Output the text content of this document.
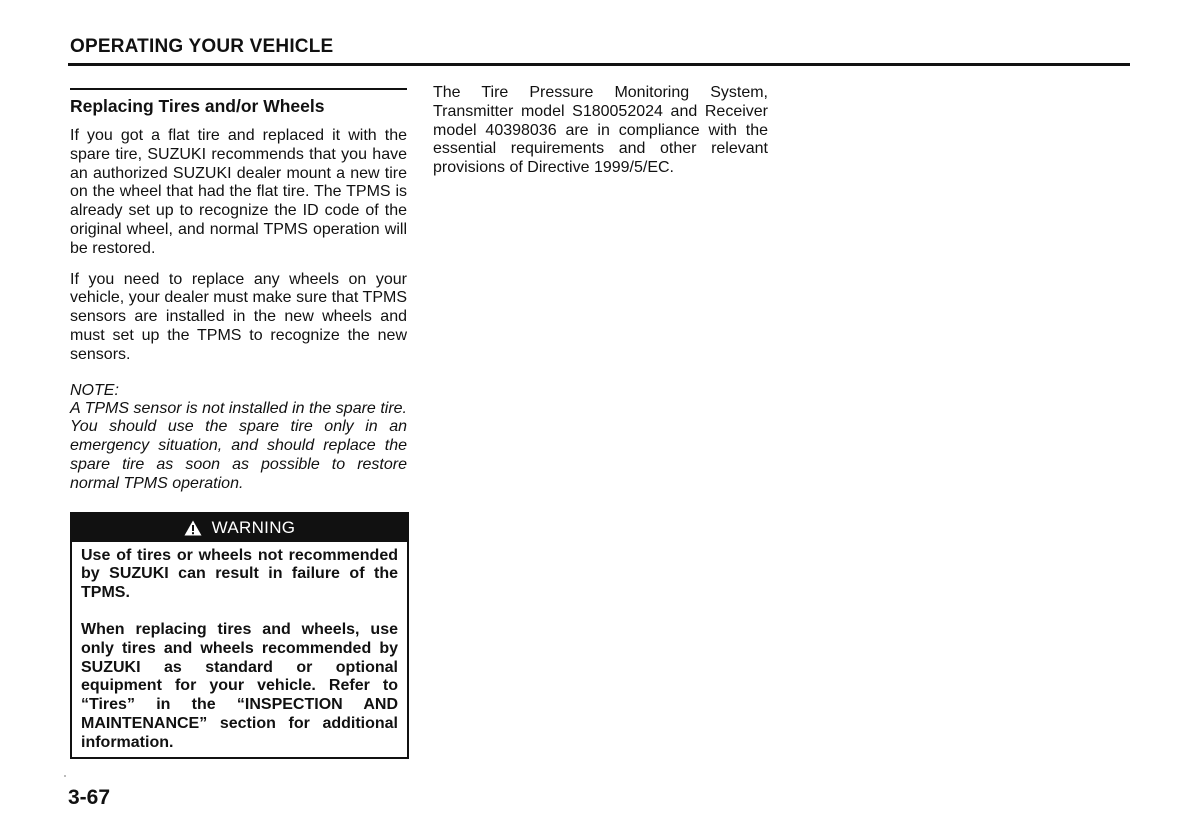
OPERATING YOUR VEHICLE
Replacing Tires and/or Wheels

If you got a flat tire and replaced it with the spare tire, SUZUKI recommends that you have an authorized SUZUKI dealer mount a new tire on the wheel that had the flat tire. The TPMS is already set up to recognize the ID code of the original wheel, and normal TPMS operation will be restored.

If you need to replace any wheels on your vehicle, your dealer must make sure that TPMS sensors are installed in the new wheels and must set up the TPMS to recognize the new sensors.

NOTE:

A TPMS sensor is not installed in the spare tire. You should use the spare tire only in an emergency situation, and should replace the spare tire as soon as possible to restore normal TPMS operation.

WARNING

Use of tires or wheels not recommended by SUZUKI can result in failure of the TPMS.

When replacing tires and wheels, use only tires and wheels recommended by SUZUKI as standard or optional equipment for your vehicle. Refer to “Tires” in the “INSPECTION AND MAINTENANCE” section for additional information.

The Tire Pressure Monitoring System, Transmitter model S180052024 and Receiver model 40398036 are in compliance with the essential requirements and other relevant provisions of Directive 1999/5/EC.

3-67
